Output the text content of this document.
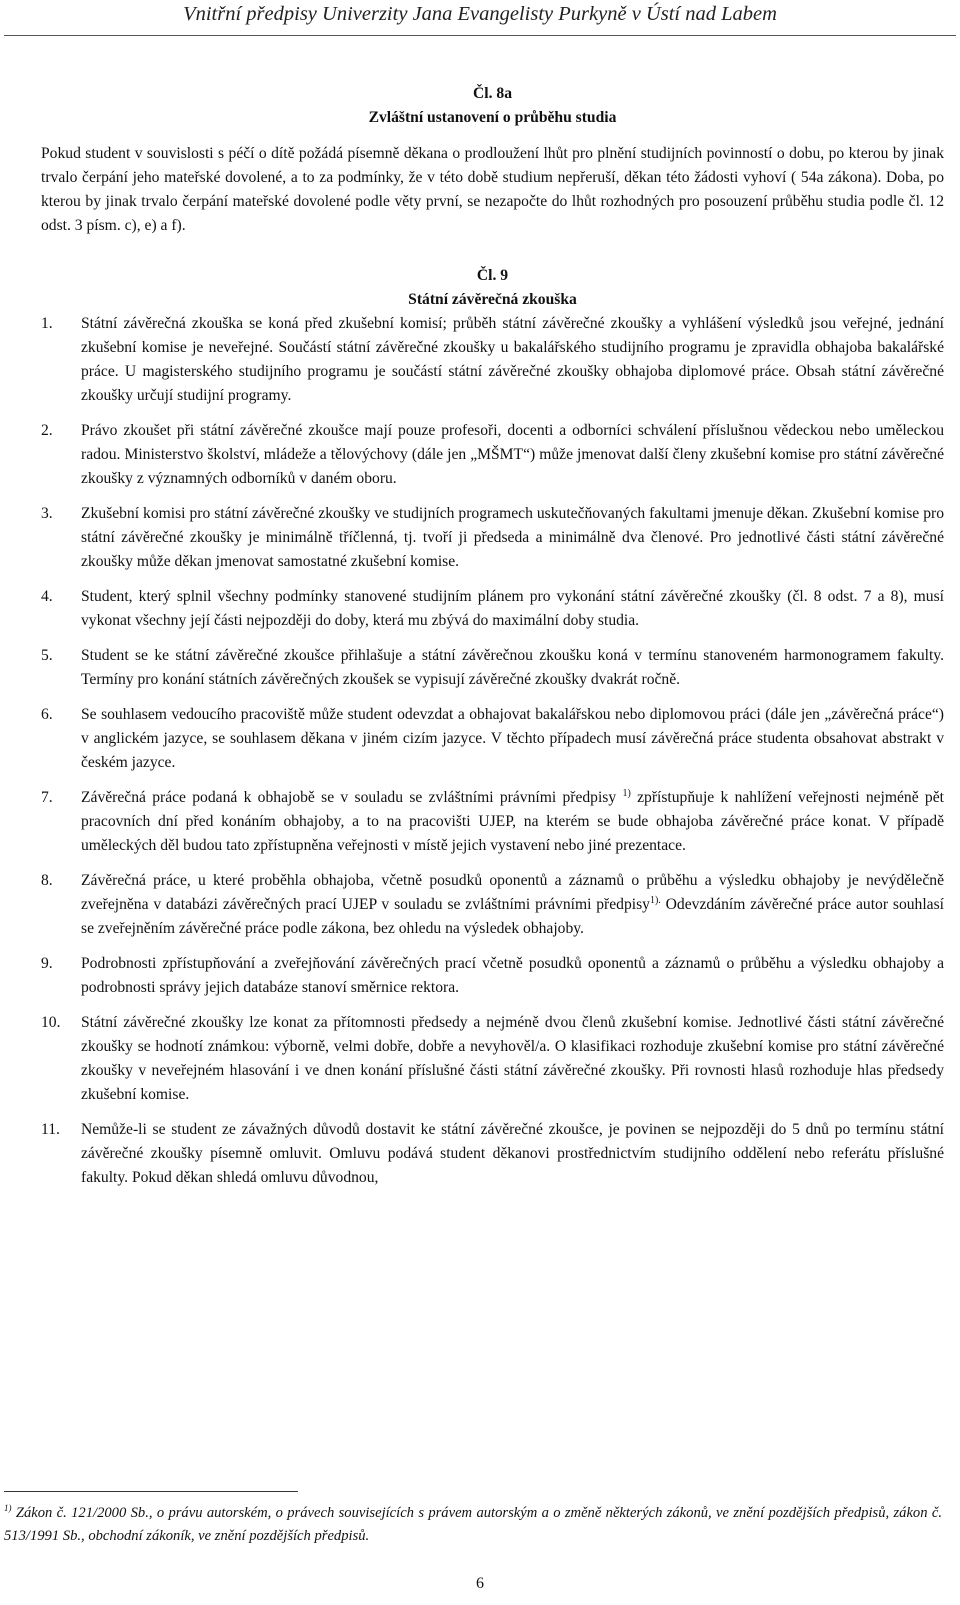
Vnitřní předpisy Univerzity Jana Evangelisty Purkyně v Ústí nad Labem
Čl. 8a
Zvláštní ustanovení o průběhu studia

Pokud student v souvislosti s péčí o dítě požádá písemně děkana o prodloužení lhůt pro plnění studijních povinností o dobu, po kterou by jinak trvalo čerpání jeho mateřské dovolené, a to za podmínky, že v této době studium nepřeruší, děkan této žádosti vyhoví ( 54a zákona). Doba, po kterou by jinak trvalo čerpání mateřské dovolené podle věty první, se nezapočte do lhůt rozhodných pro posouzení průběhu studia podle čl. 12 odst. 3 písm. c), e) a f).

Čl. 9
Státní závěrečná zkouška
1. Státní závěrečná zkouška se koná před zkušební komisí; průběh státní závěrečné zkoušky a vyhlášení výsledků jsou veřejné, jednání zkušební komise je neveřejné. Součástí státní závěrečné zkoušky u bakalářského studijního programu je zpravidla obhajoba bakalářské práce. U magisterského studijního programu je součástí státní závěrečné zkoušky obhajoba diplomové práce. Obsah státní závěrečné zkoušky určují studijní programy.
2. Právo zkoušet při státní závěrečné zkoušce mají pouze profesoři, docenti a odborníci schválení příslušnou vědeckou nebo uměleckou radou. Ministerstvo školství, mládeže a tělovýchovy (dále jen „MŠMT“) může jmenovat další členy zkušební komise pro státní závěrečné zkoušky z významných odborníků v daném oboru.
3. Zkušební komisi pro státní závěrečné zkoušky ve studijních programech uskutečňovaných fakultami jmenuje děkan. Zkušební komise pro státní závěrečné zkoušky je minimálně tříčlenná, tj. tvoří ji předseda a minimálně dva členové. Pro jednotlivé části státní závěrečné zkoušky může děkan jmenovat samostatné zkušební komise.
4. Student, který splnil všechny podmínky stanovené studijním plánem pro vykonání státní závěrečné zkoušky (čl. 8 odst. 7 a 8), musí vykonat všechny její části nejpozději do doby, která mu zbývá do maximální doby studia.
5. Student se ke státní závěrečné zkoušce přihlašuje a státní závěrečnou zkoušku koná v termínu stanoveném harmonogramem fakulty. Termíny pro konání státních závěrečných zkoušek se vypisují závěrečné zkoušky dvakrát ročně.
6. Se souhlasem vedoucího pracoviště může student odevzdat a obhajovat bakalářskou nebo diplomovou práci (dále jen „závěrečná práce“) v anglickém jazyce, se souhlasem děkana v jiném cizím jazyce. V těchto případech musí závěrečná práce studenta obsahovat abstrakt v českém jazyce.
7. Závěrečná práce podaná k obhajobě se v souladu se zvláštními právními předpisy $^{1)}$ zpřístupňuje k nahlížení veřejnosti nejméně pět pracovních dní před konáním obhajoby, a to na pracovišti UJEP, na kterém se bude obhajoba závěrečné práce konat. V případě uměleckých děl budou tato zpřístupněna veřejnosti v místě jejich vystavení nebo jiné prezentace.
8. Závěrečná práce, u které proběhla obhajoba, včetně posudků oponentů a záznamů o průběhu a výsledku obhajoby je nevýdělečně zveřejněna v databázi závěrečných prací UJEP v souladu se zvláštními právními předpisy$^{1).}$ Odevzdáním závěrečné práce autor souhlasí se zveřejněním závěrečné práce podle zákona, bez ohledu na výsledek obhajoby.
9. Podrobnosti zpřístupňování a zveřejňování závěrečných prací včetně posudků oponentů a záznamů o průběhu a výsledku obhajoby a podrobnosti správy jejich databáze stanoví směrnice rektora.
10. Státní závěrečné zkoušky lze konat za přítomnosti předsedy a nejméně dvou členů zkušební komise. Jednotlivé části státní závěrečné zkoušky se hodnotí známkou: výborně, velmi dobře, dobře a nevyhověl/a. O klasifikaci rozhoduje zkušební komise pro státní závěrečné zkoušky v neveřejném hlasování i ve dnen konání příslušné části státní závěrečné zkoušky. Při rovnosti hlasů rozhoduje hlas předsedy zkušební komise.
11. Nemůže-li se student ze závažných důvodů dostavit ke státní závěrečné zkoušce, je povinen se nejpozději do 5 dnů po termínu státní závěrečné zkoušky písemně omluvit. Omluvu podává student děkanovi prostřednictvím studijního oddělení nebo referátu příslušné fakulty. Pokud děkan shledá omluvu důvodnou,
$^{1)}$ Zákon č. 121/2000 Sb., o právu autorském, o právech souvisejících s právem autorským a o změně některých zákonů, ve znění pozdějších předpisů, zákon č. 513/1991 Sb., obchodní zákoník, ve znění pozdějších předpisů.
6
